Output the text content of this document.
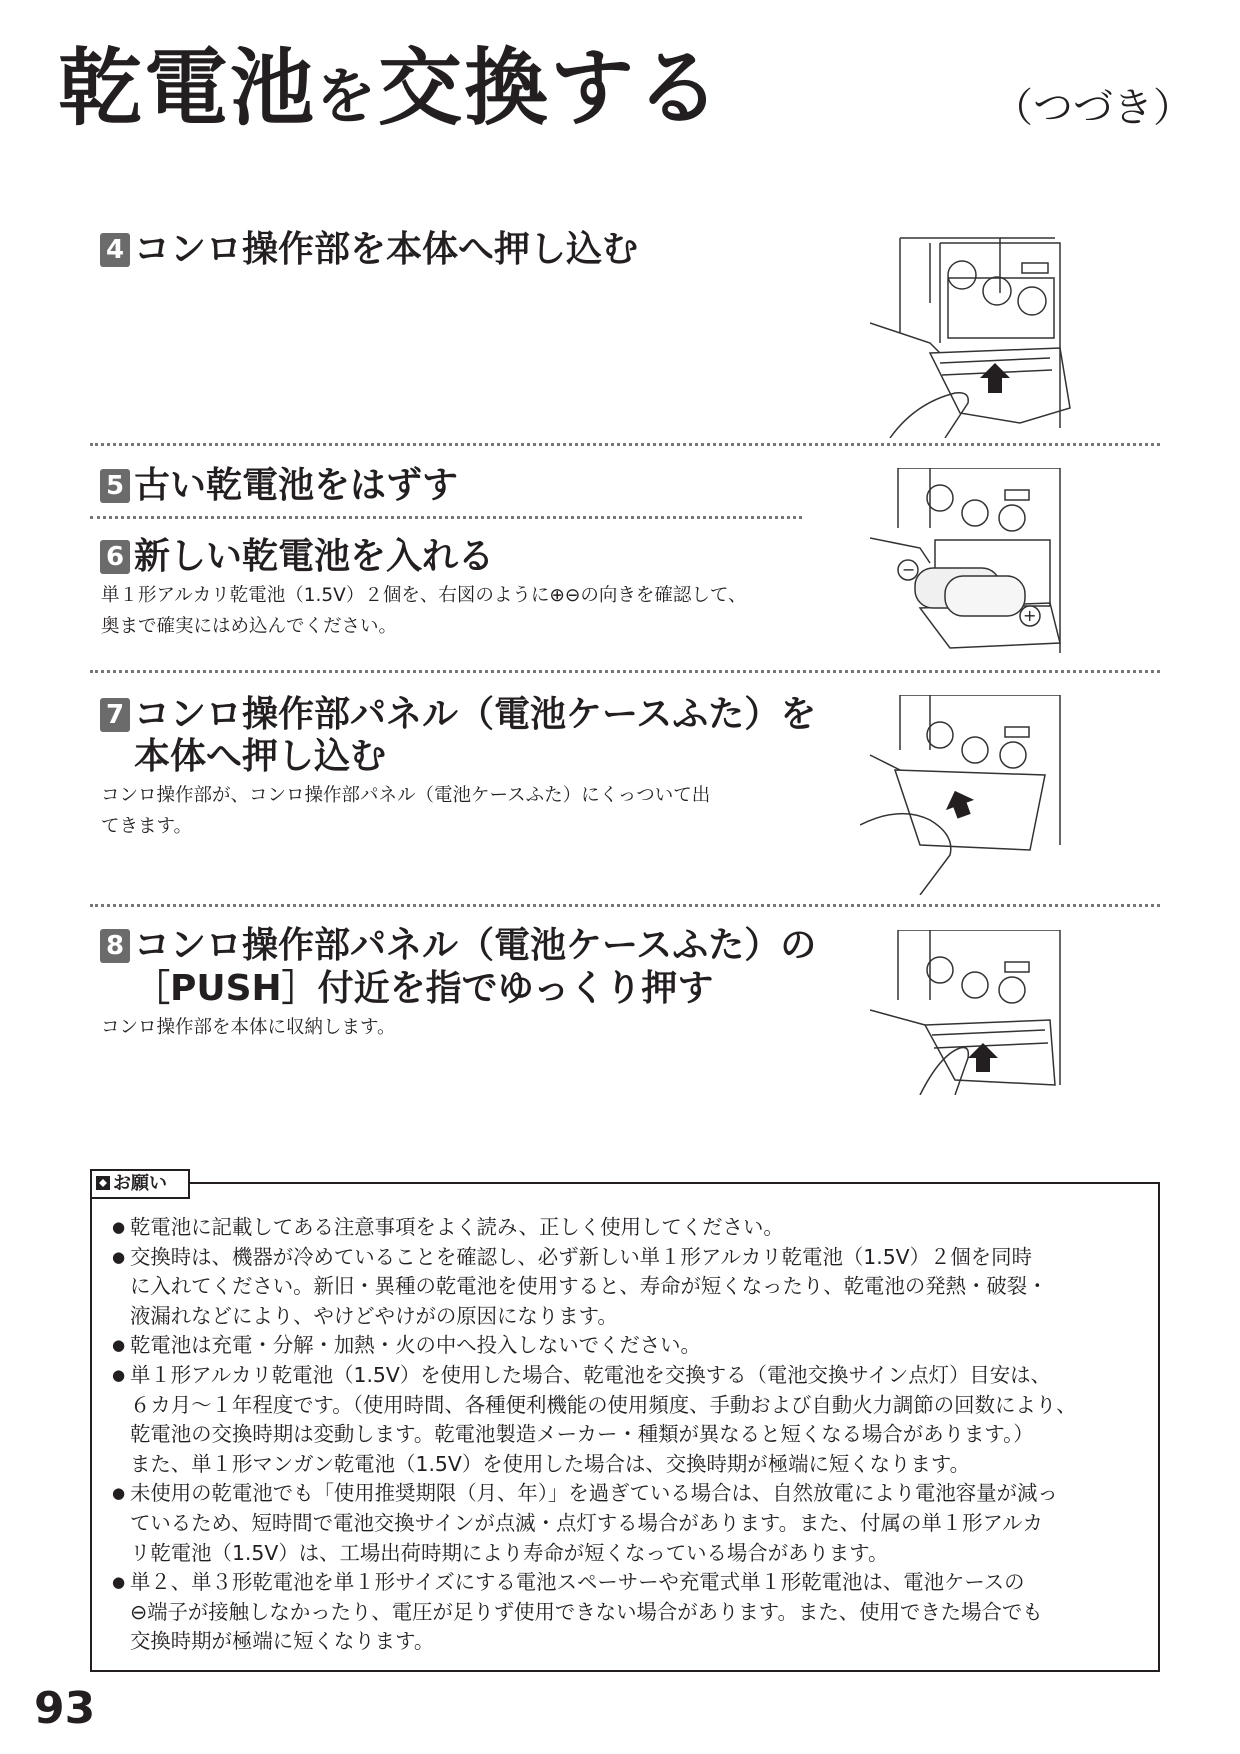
乾電池を交換する	（つづき）
4 コンロ操作部を本体へ押し込む
5 古い乾電池をはずす
6 新しい乾電池を入れる
単１形アルカリ乾電池（1.5V）２個を、右図のように⊕⊖の向きを確認して、
奥まで確実にはめ込んでください。
−
+
7 コンロ操作部パネル（電池ケースふた）を
本体へ押し込む
コンロ操作部が、コンロ操作部パネル（電池ケースふた）にくっついて出
てきます。
8 コンロ操作部パネル（電池ケースふた）の
［PUSH］付近を指でゆっくり押す
コンロ操作部を本体に収納します。
お願い
● 乾電池に記載してある注意事項をよく読み、正しく使用してください。
● 交換時は、機器が冷めていることを確認し、必ず新しい単１形アルカリ乾電池（1.5V）２個を同時
に入れてください。新旧・異種の乾電池を使用すると、寿命が短くなったり、乾電池の発熱・破裂・
液漏れなどにより、やけどやけがの原因になります。
● 乾電池は充電・分解・加熱・火の中へ投入しないでください。
● 単１形アルカリ乾電池（1.5V）を使用した場合、乾電池を交換する（電池交換サイン点灯）目安は、
６カ月〜１年程度です。（使用時間、各種便利機能の使用頻度、手動および自動火力調節の回数により、
乾電池の交換時期は変動します。乾電池製造メーカー・種類が異なると短くなる場合があります。）
また、単１形マンガン乾電池（1.5V）を使用した場合は、交換時期が極端に短くなります。
● 未使用の乾電池でも「使用推奨期限（月、年）」を過ぎている場合は、自然放電により電池容量が減っ
ているため、短時間で電池交換サインが点滅・点灯する場合があります。また、付属の単１形アルカ
リ乾電池（1.5V）は、工場出荷時期により寿命が短くなっている場合があります。
● 単２、単３形乾電池を単１形サイズにする電池スペーサーや充電式単１形乾電池は、電池ケースの
⊖端子が接触しなかったり、電圧が足りず使用できない場合があります。また、使用できた場合でも
交換時期が極端に短くなります。
93
